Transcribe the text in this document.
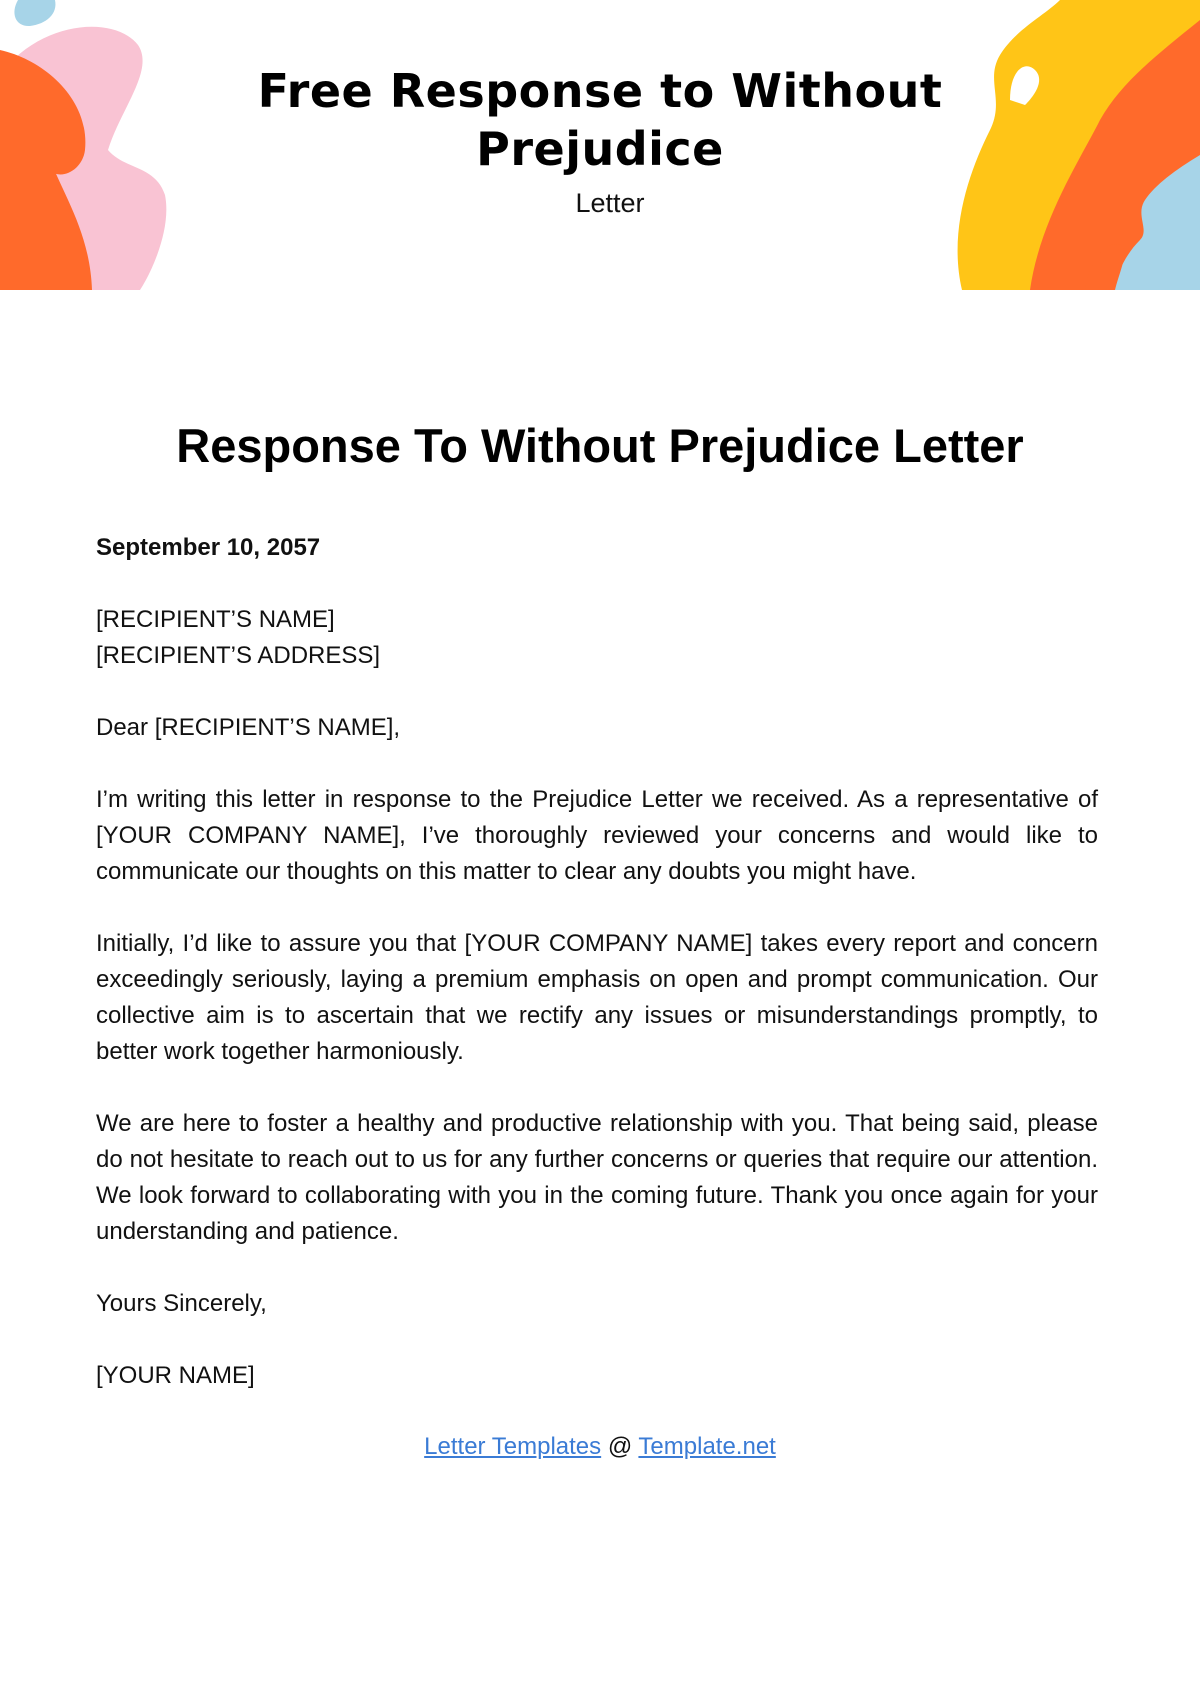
Free Response to Without Prejudice
Letter
Response To Without Prejudice Letter

September 10, 2057

[RECIPIENT’S NAME]

[RECIPIENT’S ADDRESS]

Dear [RECIPIENT’S NAME],

I’m writing this letter in response to the Prejudice Letter we received. As a representative of [YOUR COMPANY NAME], I’ve thoroughly reviewed your concerns and would like to communicate our thoughts on this matter to clear any doubts you might have.

Initially, I’d like to assure you that [YOUR COMPANY NAME] takes every report and concern exceedingly seriously, laying a premium emphasis on open and prompt communication. Our collective aim is to ascertain that we rectify any issues or misunderstandings promptly, to better work together harmoniously.

We are here to foster a healthy and productive relationship with you. That being said, please do not hesitate to reach out to us for any further concerns or queries that require our attention. We look forward to collaborating with you in the coming future. Thank you once again for your understanding and patience.

Yours Sincerely,

[YOUR NAME]

Letter Templates @ Template.net
